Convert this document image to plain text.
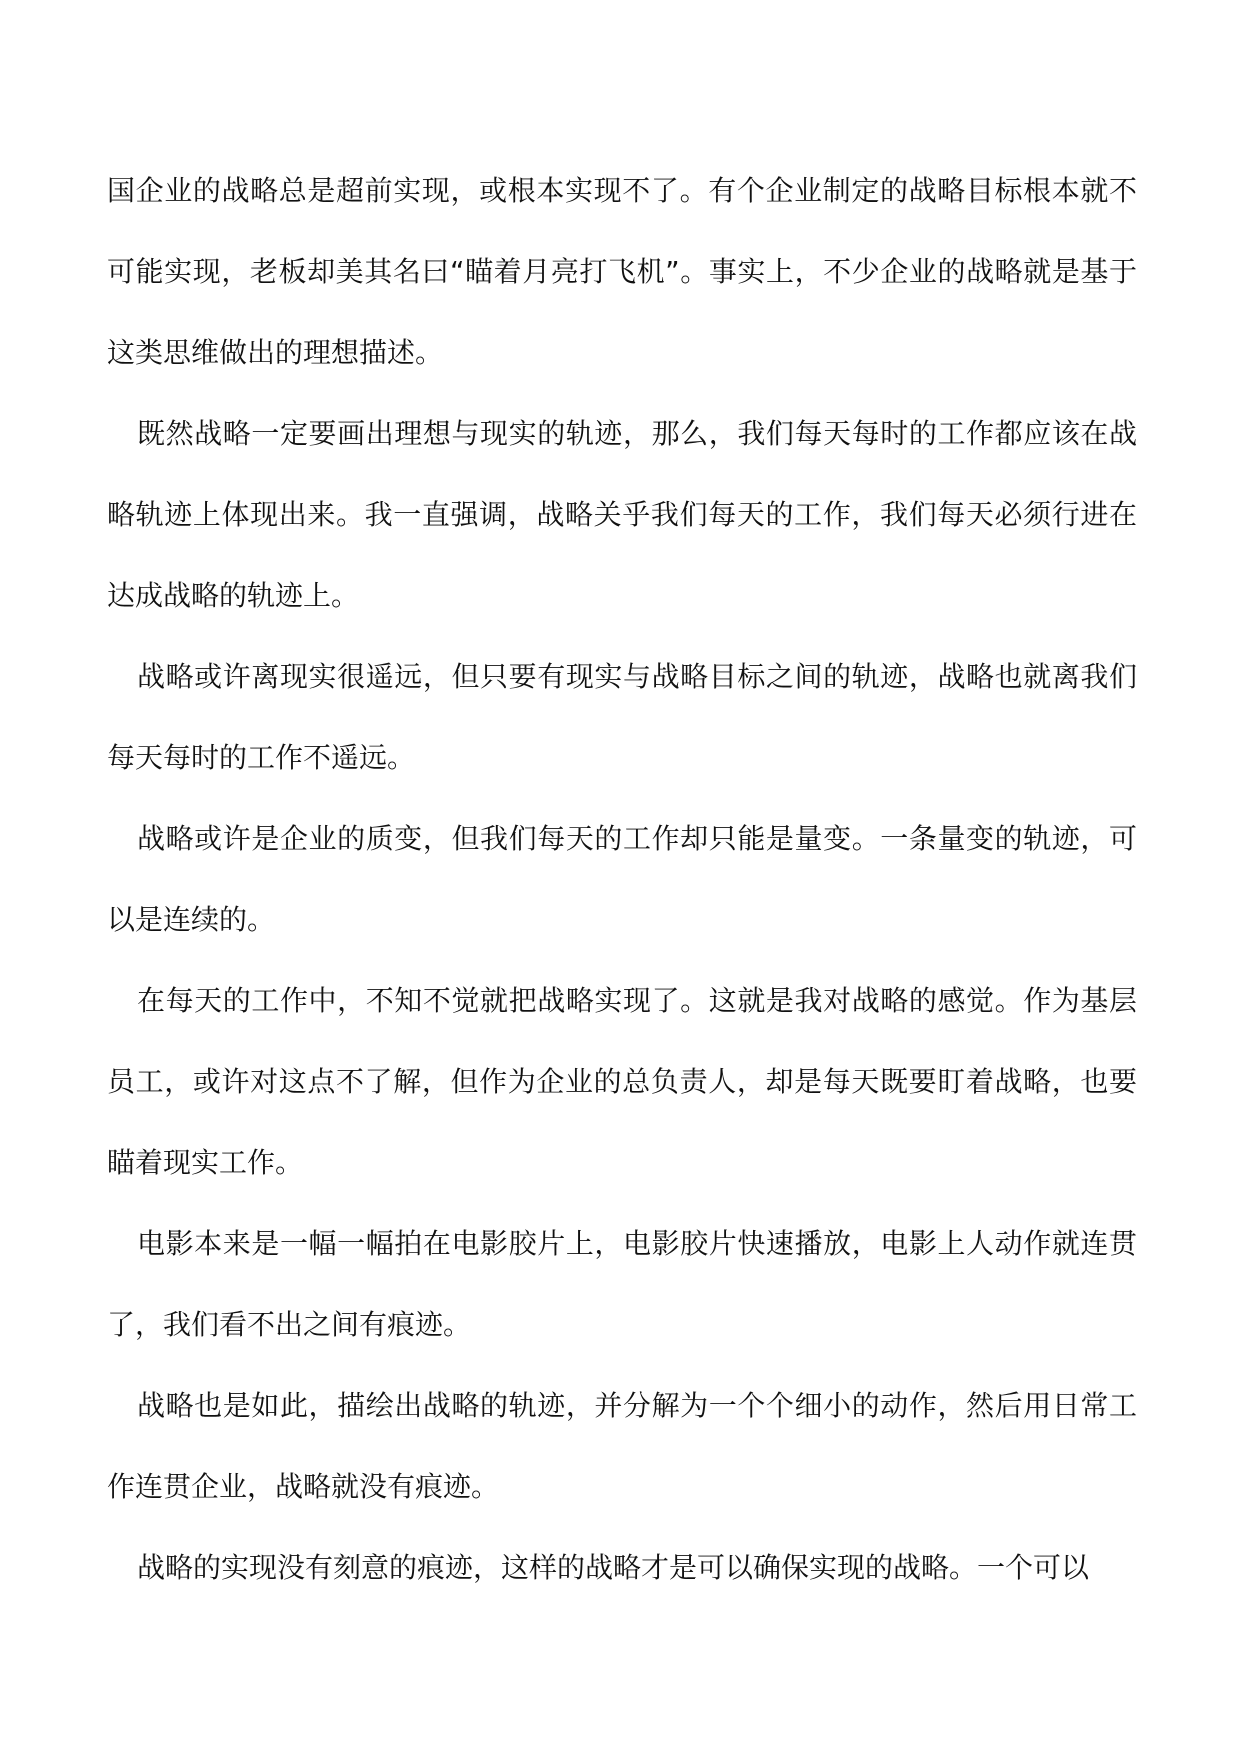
国企业的战略总是超前实现，或根本实现不了。有个企业制定的战略目标根本就不可能实现，老板却美其名曰“瞄着月亮打飞机”。事实上，不少企业的战略就是基于这类思维做出的理想描述。

既然战略一定要画出理想与现实的轨迹，那么，我们每天每时的工作都应该在战略轨迹上体现出来。我一直强调，战略关乎我们每天的工作，我们每天必须行进在达成战略的轨迹上。

战略或许离现实很遥远，但只要有现实与战略目标之间的轨迹，战略也就离我们每天每时的工作不遥远。

战略或许是企业的质变，但我们每天的工作却只能是量变。一条量变的轨迹，可以是连续的。

在每天的工作中，不知不觉就把战略实现了。这就是我对战略的感觉。作为基层员工，或许对这点不了解，但作为企业的总负责人，却是每天既要盯着战略，也要瞄着现实工作。

电影本来是一幅一幅拍在电影胶片上，电影胶片快速播放，电影上人动作就连贯了，我们看不出之间有痕迹。

战略也是如此，描绘出战略的轨迹，并分解为一个个细小的动作，然后用日常工作连贯企业，战略就没有痕迹。

战略的实现没有刻意的痕迹，这样的战略才是可以确保实现的战略。一个可以
